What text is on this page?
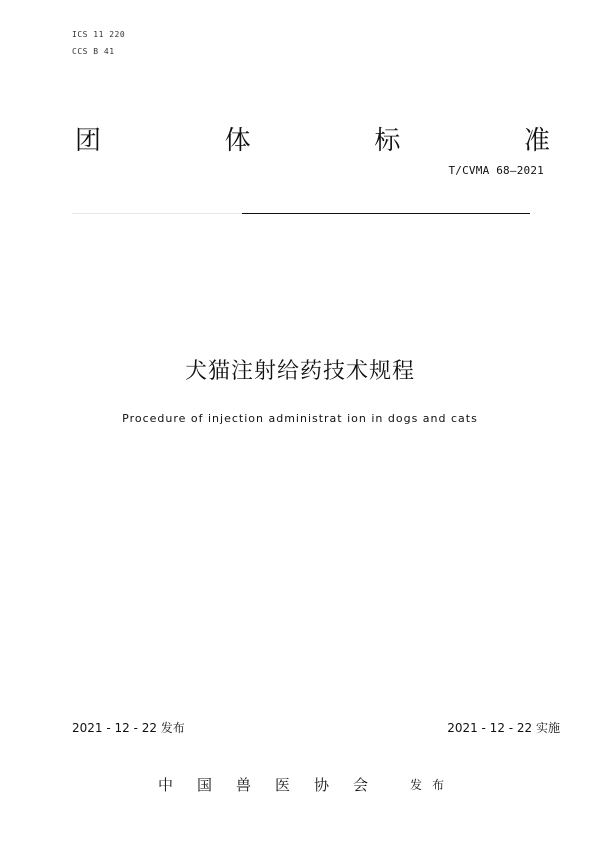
ICS 11 220
CCS B 41
团	体	标	准
T/CVMA 68—2021
犬猫注射给药技术规程
Procedure of injection administrat ion in dogs and cats
2021 - 12 - 22 发布	2021 - 12 - 22 实施
中国兽医协会 发布
